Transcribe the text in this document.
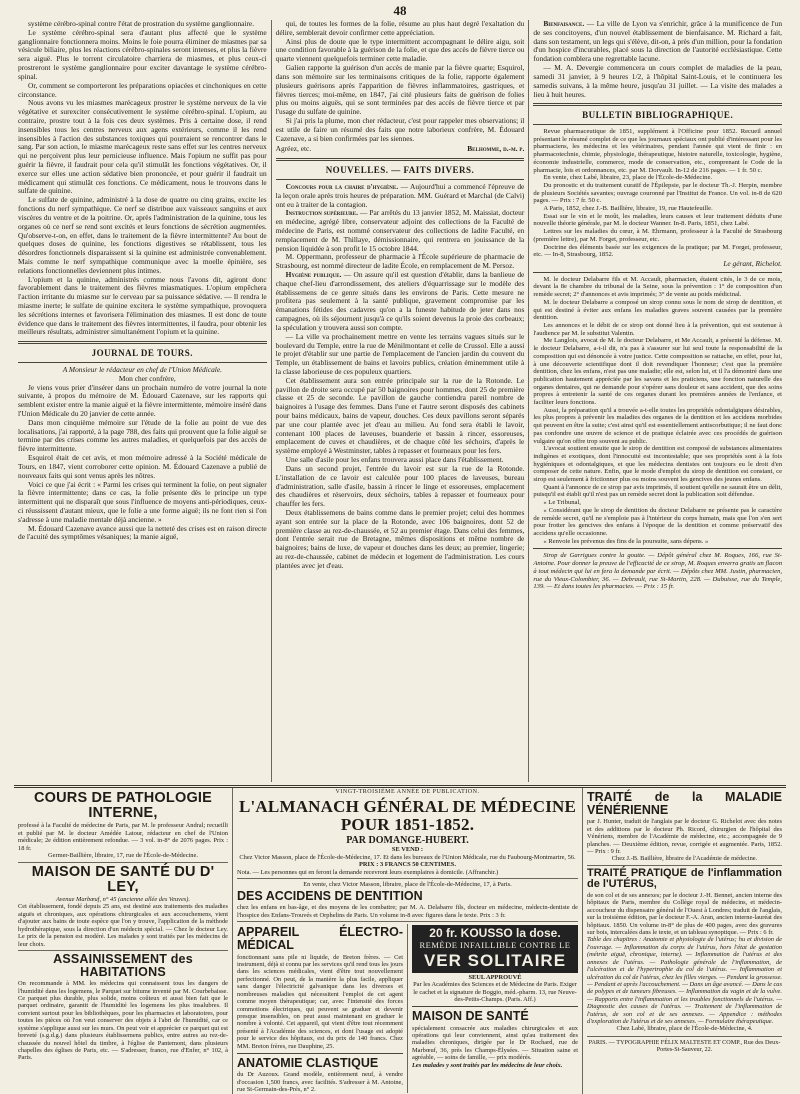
48

système cérébro-spinal contre l'état de prostration du système ganglionnaire.

Le système cérébro-spinal sera d'autant plus affecté que le système ganglionnaire fonctionnera moins. Moins le foie pourra éliminer de miasmes par sa vésicule biliaire, plus les réactions cérébro-spinales seront intenses, et plus la fièvre sera aiguë. Plus le torrent circulatoire charriera de miasmes, et plus ceux-ci prostreront le système ganglionnaire pour exciter davantage le système cérébro-spinal.

Or, comment se comporteront les préparations opiacées et cinchoniques en cette circonstance.

Nous avons vu les miasmes marécageux prostrer le système nerveux de la vie végétative et surexciter consécutivement le système cérébro-spinal. L'opium, au contraire, prostre tout à la fois ces deux systèmes. Pris à certaine dose, il rend insensibles tous les centres nerveux aux agens extérieurs, comme il les rend insensibles à l'action des substances toxiques qui pourraient se rencontrer dans le sang. Par son action, le miasme marécageux reste sans effet sur les centres nerveux qui ne perçoivent plus leur pernicieuse influence. Mais l'opium ne suffit pas pour guérir la fièvre, il faudrait pour cela qu'il stimulât les fonctions végétatives. Or, il exerce sur elles une action sédative bien prononcée, et pour guérir il faudrait un médicament qui stimulât ces fonctions. Ce médicament, nous le trouvons dans le sulfate de quinine.

Le sulfate de quinine, administré à la dose de quatre ou cinq grains, excite les fonctions du nerf sympathique. Ce nerf se distribue aux vaisseaux sanguins et aux viscères du ventre et de la poitrine. Or, après l'administration de la quinine, tous les organes où ce nerf se rend sont excités et leurs fonctions de sécrétion augmentées. Qu'observe-t-on, en effet, dans le traitement de la fièvre intermittente? Au bout de quelques doses de quinine, les fonctions digestives se rétablissent, tous les désordres fonctionnels disparaissent si la quinine est administrée convenablement. Mais comme le nerf sympathique communique avec la moelle épinière, ses relations fonctionnelles deviennent plus intimes.

L'opium et la quinine, administrés comme nous l'avons dit, agiront donc favorablement dans le traitement des fièvres miasmatiques. L'opium empêchera l'action irritante du miasme sur le cerveau par sa puissance sédative. — Il rendra le miasme inerte; le sulfate de quinine excitera le système sympathique, provoquera les sécrétions internes et favorisera l'élimination des miasmes. Il est donc de toute évidence que dans le traitement des fièvres intermittentes, il faudra, pour obtenir les meilleurs résultats, administrer simultanément l'opium et la quinine.

JOURNAL DE TOURS.

A Monsieur le rédacteur en chef de l'Union Médicale.

Mon cher confrère,

Je viens vous prier d'insérer dans un prochain numéro de votre journal la note suivante, à propos du mémoire de M. Édouard Cazenave, sur les rapports qui semblent exister entre la manie aiguë et la fièvre intermittente, mémoire inséré dans l'Union Médicale du 20 janvier de cette année.

Dans mon cinquième mémoire sur l'étude de la folie au point de vue des localisations, j'ai rapporté, à la page 788, des faits qui prouvent que la folie aiguë se termine par des crises comme les autres maladies, et quelquefois par des accès de fièvre intermittente.

Esquirol était de cet avis, et mon mémoire adressé à la Société médicale de Tours, en 1847, vient corroborer cette opinion. M. Édouard Cazenave a publié de nouveaux faits qui sont venus après les nôtres.

Voici ce que j'ai écrit : « Parmi les crises qui terminent la folie, on peut signaler la fièvre intermittente; dans ce cas, la folie présente dès le principe un type intermittent qui ne disparaît que sous l'influence de moyens anti-périodiques, ceux-ci réussissent d'autant mieux, que le folie a une forme aiguë; ils ne font rien si l'on s'adresse à une maladie mentale déjà ancienne. »

M. Édouard Cazenave avance aussi que la netteté des crises est en raison directe de l'acuité des symptômes vésaniques; la manie aiguë,

qui, de toutes les formes de la folie, résume au plus haut degré l'exaltation du délire, semblerait devoir confirmer cette appréciation.

Ainsi plus de doute que le type intermittent accompagnant le délire aigu, soit une condition favorable à la guérison de la folie, et que des accès de fièvre tierce ou quarte viennent quelquefois terminer cette maladie.

Galien rapporte la guérison d'un accès de manie par la fièvre quarte; Esquirol, dans son mémoire sur les terminaisons critiques de la folie, rapporte également plusieurs guérisons après l'apparition de fièvres inflammatoires, gastriques, et fièvres tierces; moi-même, en 1847, j'ai cité plusieurs faits de guérison de folies plus ou moins aiguës, qui se sont terminées par des accès de fièvre tierce et par l'usage du sulfate de quinine.

Si j'ai pris la plume, mon cher rédacteur, c'est pour rappeler mes observations; il est utile de faire un résumé des faits que notre laborieux confrère, M. Édouard Cazenave, a si bien confirmées par les siennes.

Agréez, etc.	Belhomme, d.-m. p.
NOUVELLES. — FAITS DIVERS.

Concours pour la chaire d'hygiène. — Aujourd'hui a commencé l'épreuve de la leçon orale après trois heures de préparation. MM. Guérard et Marchal (de Calvi) ont eu à traiter de la contagion.

Instruction supérieure. — Par arrêtés du 13 janvier 1852, M. Maissiat, docteur en médecine, agrégé libre, conservateur adjoint des collections de la Faculté de médecine de Paris, est nommé conservateur des collections de ladite Faculté, en remplacement de M. Thillaye, démissionnaire, qui rentrera en jouissance de la pension liquidée à son profit le 15 octobre 1844.

M. Oppermann, professeur de pharmacie à l'École supérieure de pharmacie de Strasbourg, est nommé directeur de ladite École, en remplacement de M. Persoz.

Hygiène publique. — On assure qu'il est question d'établir, dans la banlieue de chaque chef-lieu d'arrondissement, des ateliers d'équarrissage sur le modèle des établissemens de ce genre situés dans les environs de Paris. Cette mesure ne profitera pas seulement à la santé publique, gravement compromise par les émanations fétides des cadavres qu'on a la funeste habitude de jeter dans nos campagnes, où ils séjournent jusqu'à ce qu'ils soient devenus la proie des corbeaux; la spéculation y trouvera aussi son compte.

— La ville va prochainement mettre en vente les terrains vagues situés sur le boulevard du Temple, entre la rue de Ménilmontant et celle de Crussol. Elle a aussi le projet d'établir sur une partie de l'emplacement de l'ancien jardin du couvent du Temple, un établissement de bains et lavoirs publics, création éminemment utile à la classe laborieuse de ces populeux quartiers.

Cet établissement aura son entrée principale sur la rue de la Rotonde. Le pavillon de droite sera occupé par 50 baignoires pour hommes, dont 25 de première classe et 25 de seconde. Le pavillon de gauche contiendra pareil nombre de baignoires à l'usage des femmes. Dans l'une et l'autre seront disposés des cabinets pour bains médicaux, bains de vapeur, douches. Ces deux pavillons seront séparés par une cour plantée avec jet d'eau au milieu. Au fond sera établi le lavoir, contenant 100 places de laveuses, buanderie et bassin à rincer, essoreuses, emplacement de cuves et chaudières, et de chaque côté les séchoirs, d'après le système employé à Westminster, tables à repasser et fourneaux pour les fers.

Une salle d'asile pour les enfans trouvera aussi place dans l'établissement.

Dans un second projet, l'entrée du lavoir est sur la rue de la Rotonde. L'installation de ce lavoir est calculée pour 100 places de laveuses, bureau d'administration, salle d'asile, bassin à rincer le linge et essoreuses, emplacement des chaudières et réservoirs, deux séchoirs, tables à repasser et fourneaux pour chauffer les fers.

Deux établissemens de bains comme dans le premier projet; celui des hommes ayant son entrée sur la place de la Rotonde, avec 106 baignoires, dont 52 de première classe au rez-de-chaussée, et 52 au premier étage. Dans celui des femmes, dont l'entrée serait rue de Bretagne, mêmes dispositions et même nombre de baignoires; bains de luxe, de vapeur et douches dans les deux; au premier, lingerie; au rez-de-chaussée, cabinet de médecin et logement de l'administration. Les cours plantées avec jet d'eau.

Bienfaisance. — La ville de Lyon va s'enrichir, grâce à la munificence de l'un de ses concitoyens, d'un nouvel établissement de bienfaisance. M. Richard a fait, dans son testament, un legs qui s'élève, dit-on, à près d'un million, pour la fondation d'un hospice d'incurables, placé sous la direction de l'autorité ecclésiastique. Cette fondation comblera une regrettable lacune.

— M. A. Devergie commencera un cours complet de maladies de la peau, samedi 31 janvier, à 9 heures 1/2, à l'hôpital Saint-Louis, et le continuera les samedis suivans, à la même heure, jusqu'au 31 juillet. — La visite des malades a lieu à huit heures.

BULLETIN BIBLIOGRAPHIQUE.

Revue pharmaceutique de 1851, supplément à l'Officine pour 1852. Recueil annuel présentant le résumé complet de ce que les journaux spéciaux ont publié d'intéressant pour les pharmaciens, les médecins et les vétérinaires, pendant l'année qui vient de finir : en pharmacotechnie, chimie, physiologie, thérapeutique, histoire naturelle, toxicologie, hygiène, économie industrielle, commerce, mode de conservation, etc., comprenant le Code de la pharmacie, lois et ordonnances, etc. par M. Dorvault. In-12 de 216 pages. — 1 fr. 50 c.

En vente, chez Labé, libraire, 23, place de l'École-de-Médecine.

Du pronostic et du traitement curatif de l'Épilepsie, par le docteur Th.-J. Herpin, membre de plusieurs Sociétés savantes; ouvrage couronné par l'Institut de France. Un vol. in-8 de 620 pages. — Prix : 7 fr. 50 c.

A Paris, 1852, chez J.-B. Baillière, libraire, 19, rue Hautefeuille.

Essai sur le vin et le moût, les maladies, leurs causes et leur traitement déduits d'une nouvelle théorie générale, par M. le docteur Wanner. In-8. Paris, 1851, chez Labé.

Lettres sur les maladies du cœur, à M. Ehrmann, professeur à la Faculté de Strasbourg (première lettre), par M. Forget, professeur, etc.

Doctrine des éléments basée sur les exigences de la pratique; par M. Forget, professeur, etc. — In-8, Strasbourg, 1852.

Le gérant, Richelot.

M. le docteur Delabarre fils et M. Accault, pharmacien, étaient cités, le 3 de ce mois, devant la 8e chambre du tribunal de la Seine, sous la prévention : 1° de composition d'un remède secret; 2° d'annonces et avis imprimés; 3° de vente au poids médicinal.

M. le docteur Delabarre a composé un sirop connu sous le nom de sirop de dentition, et qui est destiné à éviter aux enfans les maladies graves souvent causées par la première dentition.

Les annonces et le débit de ce sirop ont donné lieu à la prévention, qui est soutenue à l'audience par M. le substitut Valentin.

Me Langlois, avocat de M. le docteur Delabarre, et Me Accault, a présenté la défense. M. le docteur Delabarre, a-t-il dit, n'a pas à s'assurer sur lui seul toute la responsabilité de la composition qui est dénoncée à votre justice. Cette composition se rattache, en effet, pour lui, à une découverte scientifique dont il doit revendiquer l'honneur; c'est que la première dentition, chez les enfans, n'est pas une maladie; elle est, selon lui, et il l'a démontré dans une publication hautement appréciée par les savans et les praticiens, une fonction naturelle des organes dentaires, qui ne demande pour s'opérer sans douleur et sans accident, que des soins propres à entretenir la santé de ces organes durant les premières années de l'enfance, et faciliter leurs fonctions.

Aussi, la préparation qu'il a trouvée a-t-elle toutes les propriétés odontalgiques désirables, les plus propres à prévenir les maladies des organes de la dentition et les accidens morbides qui peuvent en être la suite; c'est ainsi qu'il est essentiellement antiscorbutique; il ne faut donc pas confondre une œuvre de science et de pratique éclairée avec ces procédés de guérison vulgaire qu'on offre trop souvent au public.

L'avocat soutient ensuite que le sirop de dentition est composé de substances alimentaires indigènes et exotiques, dont l'innocuité est incontestable; que ses propriétés sont à la fois hygiéniques et odontalgiques, et que les médecins dentistes ont toujours eu le droit d'en composer de cette nature. Enfin, que le mode d'emploi du sirop de dentition est constant, ce sirop est seulement à frictionner plus ou moins souvent les gencives des jeunes enfans.

Quant à l'annonce de ce sirop par avis imprimés, il soutient qu'elle ne saurait être un délit, puisqu'il est établi qu'il n'est pas un remède secret dont la publication soit défendue.

« Le Tribunal,

« Considérant que le sirop de dentition du docteur Delabarre ne présente pas le caractère de remède secret, qu'il ne s'emploie pas à l'intérieur du corps humain, mais que l'on s'en sert pour frotter les gencives des enfans à l'époque de la dentition et comme préservatif des accidens qu'elle occasionne.

« Renvoie les prévenus des fins de la poursuite, sans dépens. »

Sirop de Garrigues contre la goutte. — Dépôt général chez M. Roques, 166, rue St-Antoine. Pour donner la preuve de l'efficacité de ce sirop, M. Roques enverra gratis un flacon à tout médecin qui lui en fera la demande par écrit. — Dépôts chez MM. Justin, pharmacien, rue du Vieux-Colombier, 36. — Debrault, rue St-Martin, 228. — Dubuisse, rue du Temple, 139. — Et dans toutes les pharmacies. — Prix : 15 fr.

COURS DE PATHOLOGIE INTERNE,

professé à la Faculté de médecine de Paris, par M. le professeur Andral; recueilli et publié par M. le docteur Amédée Latour, rédacteur en chef de l'Union médicale; 2e édition entièrement refondue. — 3 vol. in-8° de 2076 pages. Prix : 18 fr.

Germer-Baillière, libraire, 17, rue de l'École-de-Médecine.

MAISON DE SANTÉ DU D' LEY,

Avenue Marbœuf, n° 45 (ancienne allée des Veuves).

Cet établissement, fondé depuis 25 ans, est destiné aux traitements des maladies aiguës et chroniques, aux opérations chirurgicales et aux accouchemens, vient d'ajouter aux bains de toute espèce que l'on y trouve, l'application de la méthode hydrothérapique, sous la direction d'un médecin spécial. — Chez le docteur Ley. Le prix de la pension est modéré. Les malades y sont traités par les médecins de leur choix.

ASSAINISSEMENT des HABITATIONS

On recommande à MM. les médecins qui connaissent tous les dangers de l'humidité dans les logemens, le Parquet sur bitume inventé par M. Courbebaisse. Ce parquet plus durable, plus solide, moins coûteux et aussi bien fait que le parquet ordinaire, garantit de l'humidité les logemens les plus insalubres. Il convient surtout pour les bibliothèques, pour les pharmacies et laboratoires, pour toutes les pièces où l'on veut conserver des objets à l'abri de l'humidité, car ce système s'applique aussi sur les murs. On peut voir et apprécier ce parquet qui est breveté (s.g.d.g.) dans plusieurs établissemens publics, entre autres au rez-de-chaussée du nouvel hôtel du timbre, à l'église de Pantemont, dans plusieurs chapelles des églises de Paris, etc. — S'adresser, franco, rue d'Enfer, n° 102, à Paris.

VINGT-TROISIÈME ANNÉE DE PUBLICATION.

L'ALMANACH GÉNÉRAL DE MÉDECINE POUR 1851-1852.
PAR DOMANGE-HUBERT.

SE VEND :

Chez Victor Masson, place de l'École-de-Médecine, 17. Et dans les bureaux de l'Union Médicale, rue du Faubourg-Montmartre, 56.

PRIX : 3 FRANCS 50 CENTIMES.

Nota. — Les personnes qui en feront la demande recevront leurs exemplaires à domicile. (Affranchir.)

En vente, chez Victor Masson, libraire, place de l'École-de-Médecine, 17, à Paris.

DES ACCIDENS DE DENTITION

chez les enfans en bas-âge, et des moyens de les combattre; par M. A. Delabarre fils, docteur en médecine, médecin-dentiste de l'hospice des Enfans-Trouvés et Orphelins de Paris. Un volume in-8 avec figures dans le texte. Prix : 3 fr.

APPAREIL ÉLECTRO-MÉDICAL

fonctionnant sans pile ni liquide, de Breton frères. — Cet instrument, déjà si connu par les services qu'il rend tous les jours dans les sciences médicales, vient d'être tout nouvellement perfectionné. On peut, de la manière la plus facile, appliquer sans danger l'électricité galvanique dans les diverses et nombreuses maladies qui nécessitent l'emploi de cet agent comme moyen thérapeutique; car, avec l'intensité des forces commotions électriques, qui peuvent se graduer et devenir presque insensibles, on peut aussi maintenant en graduer le nombre à volonté. Cet appareil, qui vient d'être tout récemment présenté à l'Académie des sciences, et dont l'usage est adopté pour le service des hôpitaux, est du prix de 140 francs. Chez MM. Breton frères, rue Dauphine, 25.

ANATOMIE CLASTIQUE

du Dr Auzoux. Grand modèle, entièrement neuf, à vendre d'occasion 1,500 francs, avec facilités. S'adresser à M. Antoine, rue St-Germain-des-Prés, n° 2.

20 fr. KOUSSO la dose.
REMÈDE INFAILLIBLE CONTRE LE
VER SOLITAIRE

SEUL APPROUVÉ

Par les Académies des Sciences et de Médecine de Paris. Exiger le cachet et la signature de Boggio, méd.-pharm. 13, rue Neuve-des-Petits-Champs. (Paris. Aff.)

MAISON DE SANTÉ

spécialement consacrée aux maladies chirurgicales et aux opérations qui leur conviennent, ainsi qu'au traitement des maladies chroniques, dirigée par le Dr Rochard, rue de Marbœuf, 36, près les Champs-Élysées. — Situation saine et agréable, — soins de famille, — prix modérés.

Les malades y sont traités par les médecins de leur choix.

TRAITÉ de la MALADIE VÉNÉRIENNE

par J. Hunter, traduit de l'anglais par le docteur G. Richelot avec des notes et des additions par le docteur Ph. Ricord, chirurgien de l'hôpital des Vénériens, membre de l'Académie de médecine, etc.; accompagnée de 9 planches. — Deuxième édition, revue, corrigée et augmentée. Paris, 1852. — Prix : 9 fr.

Chez J.-B. Baillière, libraire de l'Académie de médecine.

TRAITÉ PRATIQUE de l'inflammation de l'UTÉRUS,

de son col et de ses annexes; par le docteur J.-H. Bennet, ancien interne des hôpitaux de Paris, membre du Collège royal de médecins, et médecin-accoucheur du dispensaire général de l'Ouest à Londres; traduit de l'anglais, sur la troisième édition, par le docteur F.-A. Aran, ancien interne-lauréat des hôpitaux. 1850. Un volume in-8° de plus de 400 pages, avec des gravures sur bois, intercalées dans le texte, et un tableau synoptique. — Prix : 6 fr.

Table des chapitres : Anatomie et physiologie de l'utérus; hu et division de l'ouvrage. — Inflammation du corps de l'utérus, hors l'état de gestation (métrite aiguë, chronique, interne). — Inflammation de l'utérus et des annexes de l'utérus. — Pathologie générale de l'inflammation, de l'ulcération et de l'hypertrophie du col de l'utérus. — Inflammation et ulcération du col de l'utérus, chez les filles vierges. — Pendant la grossesse. — Pendant et après l'accouchement. — Dans un âge avancé. — Dans le cas de polypes et de tumeurs fibreuses. — Inflammation du vagin et de la vulve. — Rapports entre l'inflammation et les troubles fonctionnels de l'utérus. — Diagnostic des causes de l'utérus. — Traitement de l'inflammation de l'utérus, de son col et de ses annexes. — Appendice : méthodes d'exploration de l'utérus et de ses annexes. — Formulaire thérapeutique.

Chez Labé, libraire, place de l'École-de-Médecine, 4.

PARIS. — TYPOGRAPHIE FÉLIX MALTESTE ET COMP., Rue des Deux-Portes-St-Sauveur, 22.
